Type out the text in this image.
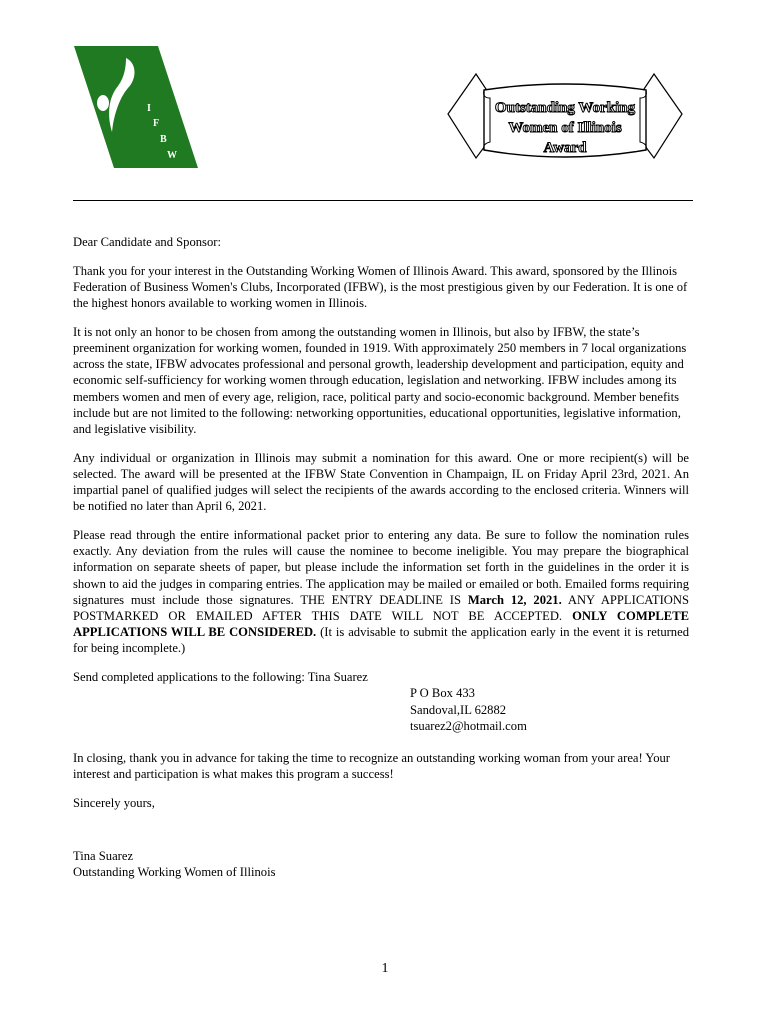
I
F
B
W
Outstanding Working
Women of Illinois
Award

Dear Candidate and Sponsor:

Thank you for your interest in the Outstanding Working Women of Illinois Award. This award, sponsored by the Illinois Federation of Business Women's Clubs, Incorporated (IFBW), is the most prestigious given by our Federation. It is one of the highest honors available to working women in Illinois.

It is not only an honor to be chosen from among the outstanding women in Illinois, but also by IFBW, the state’s preeminent organization for working women, founded in 1919. With approximately 250 members in 7 local organizations across the state, IFBW advocates professional and personal growth, leadership development and participation, equity and economic self-sufficiency for working women through education, legislation and networking. IFBW includes among its members women and men of every age, religion, race, political party and socio-economic background. Member benefits include but are not limited to the following: networking opportunities, educational opportunities, legislative information, and legislative visibility.

Any individual or organization in Illinois may submit a nomination for this award. One or more recipient(s) will be selected. The award will be presented at the IFBW State Convention in Champaign, IL on Friday April 23rd, 2021. An impartial panel of qualified judges will select the recipients of the awards according to the enclosed criteria. Winners will be notified no later than April 6, 2021.

Please read through the entire informational packet prior to entering any data. Be sure to follow the nomination rules exactly. Any deviation from the rules will cause the nominee to become ineligible. You may prepare the biographical information on separate sheets of paper, but please include the information set forth in the guidelines in the order it is shown to aid the judges in comparing entries. The application may be mailed or emailed or both. Emailed forms requiring signatures must include those signatures. THE ENTRY DEADLINE IS March 12, 2021. ANY APPLICATIONS POSTMARKED OR EMAILED AFTER THIS DATE WILL NOT BE ACCEPTED. ONLY COMPLETE APPLICATIONS WILL BE CONSIDERED. (It is advisable to submit the application early in the event it is returned for being incomplete.)

Send completed applications to the following: Tina Suarez
P O Box 433
Sandoval,IL 62882
tsuarez2@hotmail.com

In closing, thank you in advance for taking the time to recognize an outstanding working woman from your area! Your interest and participation is what makes this program a success!

Sincerely yours,

Tina Suarez
Outstanding Working Women of Illinois
1
